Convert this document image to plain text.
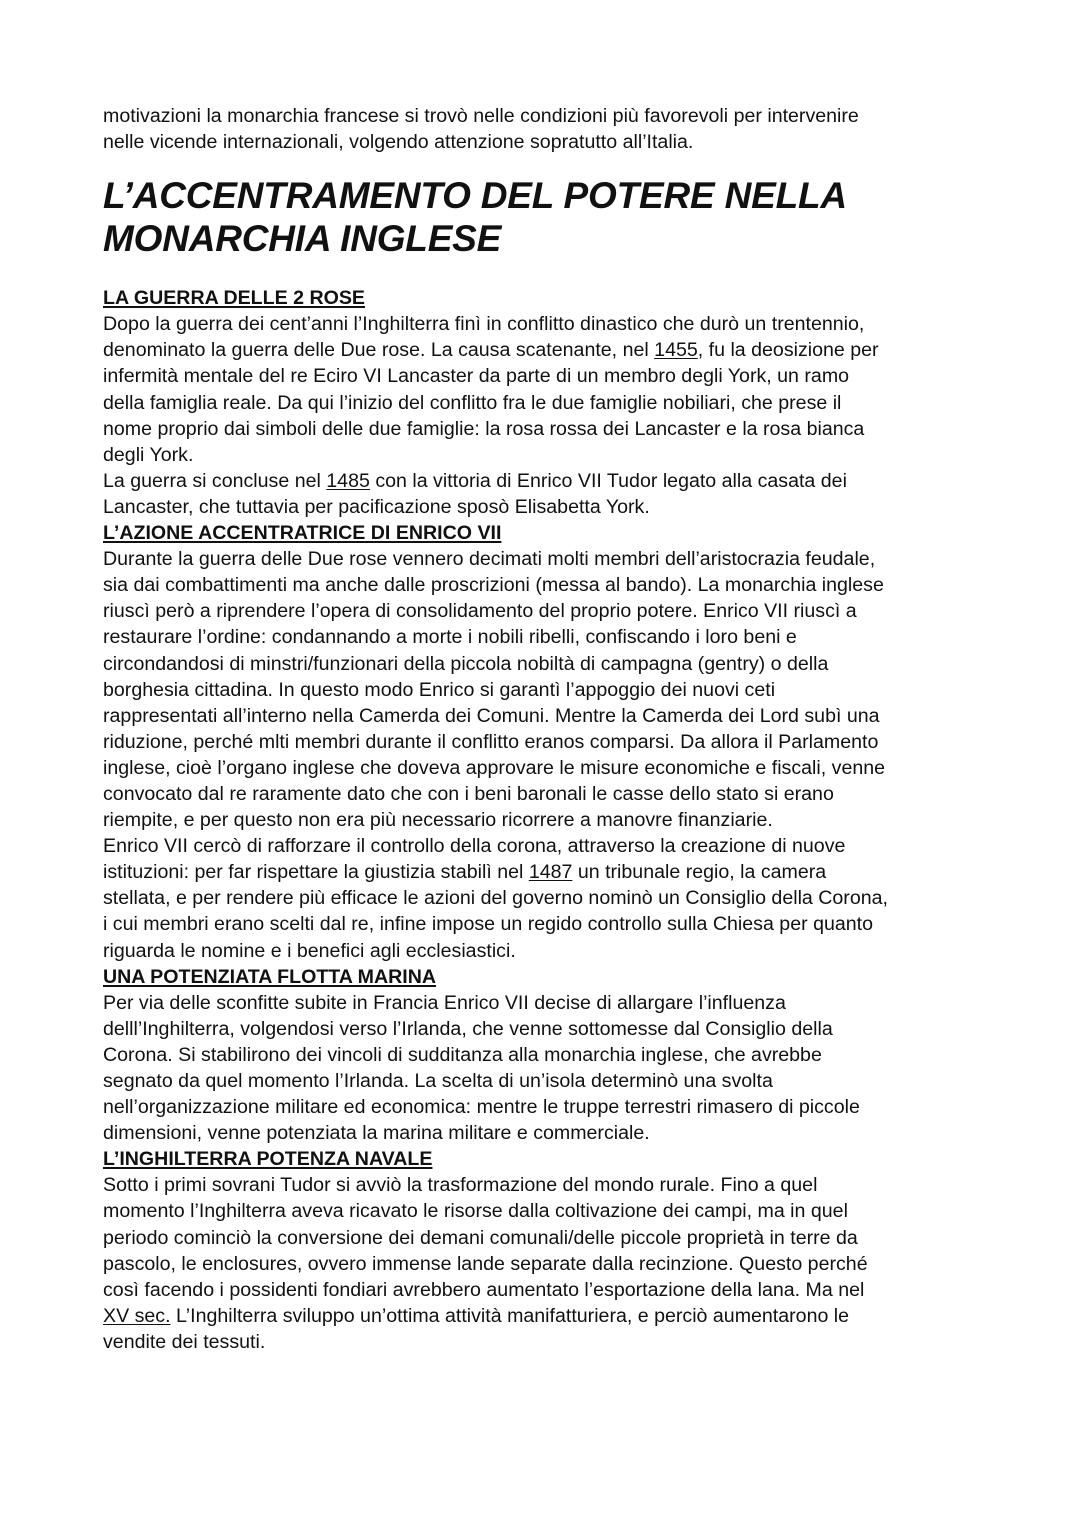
motivazioni la monarchia francese si trovò nelle condizioni più favorevoli per intervenire
nelle vicende internazionali, volgendo attenzione sopratutto all’Italia.
L’ACCENTRAMENTO DEL POTERE NELLA
MONARCHIA INGLESE
LA GUERRA DELLE 2 ROSE
Dopo la guerra dei cent’anni l’Inghilterra finì in conflitto dinastico che durò un trentennio,
denominato la guerra delle Due rose. La causa scatenante, nel 1455, fu la deosizione per
infermità mentale del re Eciro VI Lancaster da parte di un membro degli York, un ramo
della famiglia reale. Da qui l’inizio del conflitto fra le due famiglie nobiliari, che prese il
nome proprio dai simboli delle due famiglie: la rosa rossa dei Lancaster e la rosa bianca
degli York.
La guerra si concluse nel 1485 con la vittoria di Enrico VII Tudor legato alla casata dei
Lancaster, che tuttavia per pacificazione sposò Elisabetta York.
L’AZIONE ACCENTRATRICE DI ENRICO VII
Durante la guerra delle Due rose vennero decimati molti membri dell’aristocrazia feudale,
sia dai combattimenti ma anche dalle proscrizioni (messa al bando). La monarchia inglese
riuscì però a riprendere l’opera di consolidamento del proprio potere. Enrico VII riuscì a
restaurare l’ordine: condannando a morte i nobili ribelli, confiscando i loro beni e
circondandosi di minstri/funzionari della piccola nobiltà di campagna (gentry) o della
borghesia cittadina. In questo modo Enrico si garantì l’appoggio dei nuovi ceti
rappresentati all’interno nella Camerda dei Comuni. Mentre la Camerda dei Lord subì una
riduzione, perché mlti membri durante il conflitto eranos comparsi. Da allora il Parlamento
inglese, cioè l’organo inglese che doveva approvare le misure economiche e fiscali, venne
convocato dal re raramente dato che con i beni baronali le casse dello stato si erano
riempite, e per questo non era più necessario ricorrere a manovre finanziarie.
Enrico VII cercò di rafforzare il controllo della corona, attraverso la creazione di nuove
istituzioni: per far rispettare la giustizia stabilì nel 1487 un tribunale regio, la camera
stellata, e per rendere più efficace le azioni del governo nominò un Consiglio della Corona,
i cui membri erano scelti dal re, infine impose un regido controllo sulla Chiesa per quanto
riguarda le nomine e i benefici agli ecclesiastici.
UNA POTENZIATA FLOTTA MARINA
Per via delle sconfitte subite in Francia Enrico VII decise di allargare l’influenza
delll’Inghilterra, volgendosi verso l’Irlanda, che venne sottomesse dal Consiglio della
Corona. Si stabilirono dei vincoli di sudditanza alla monarchia inglese, che avrebbe
segnato da quel momento l’Irlanda. La scelta di un’isola determinò una svolta
nell’organizzazione militare ed economica: mentre le truppe terrestri rimasero di piccole
dimensioni, venne potenziata la marina militare e commerciale.
L’INGHILTERRA POTENZA NAVALE
Sotto i primi sovrani Tudor si avviò la trasformazione del mondo rurale. Fino a quel
momento l’Inghilterra aveva ricavato le risorse dalla coltivazione dei campi, ma in quel
periodo cominciò la conversione dei demani comunali/delle piccole proprietà in terre da
pascolo, le enclosures, ovvero immense lande separate dalla recinzione. Questo perché
così facendo i possidenti fondiari avrebbero aumentato l’esportazione della lana. Ma nel
XV sec. L’Inghilterra sviluppo un’ottima attività manifatturiera, e perciò aumentarono le
vendite dei tessuti.
